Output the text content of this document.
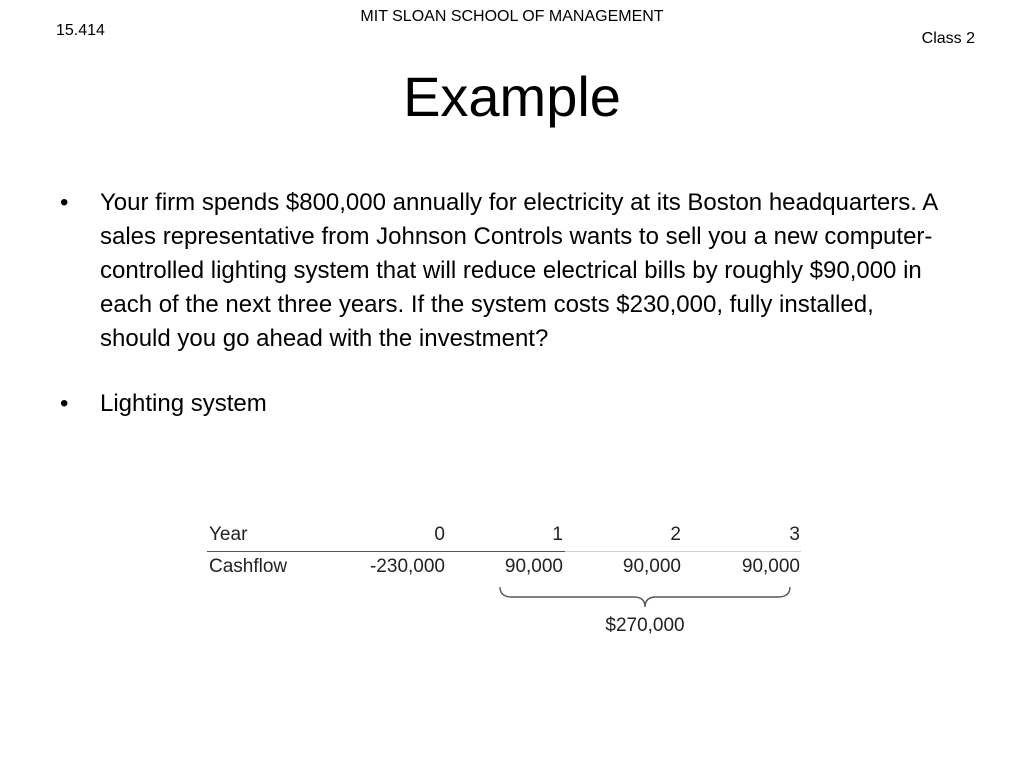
MIT SLOAN SCHOOL OF MANAGEMENT
15.414	Class 2
Example
• Your firm spends $800,000 annually for electricity at its Boston headquarters. A sales representative from Johnson Controls wants to sell you a new computer-controlled lighting system that will reduce electrical bills by roughly $90,000 in each of the next three years. If the system costs $230,000, fully installed, should you go ahead with the investment?
• Lighting system
Year	0	1	2	3
Cashflow	-230,000	90,000	90,000	90,000
$270,000
